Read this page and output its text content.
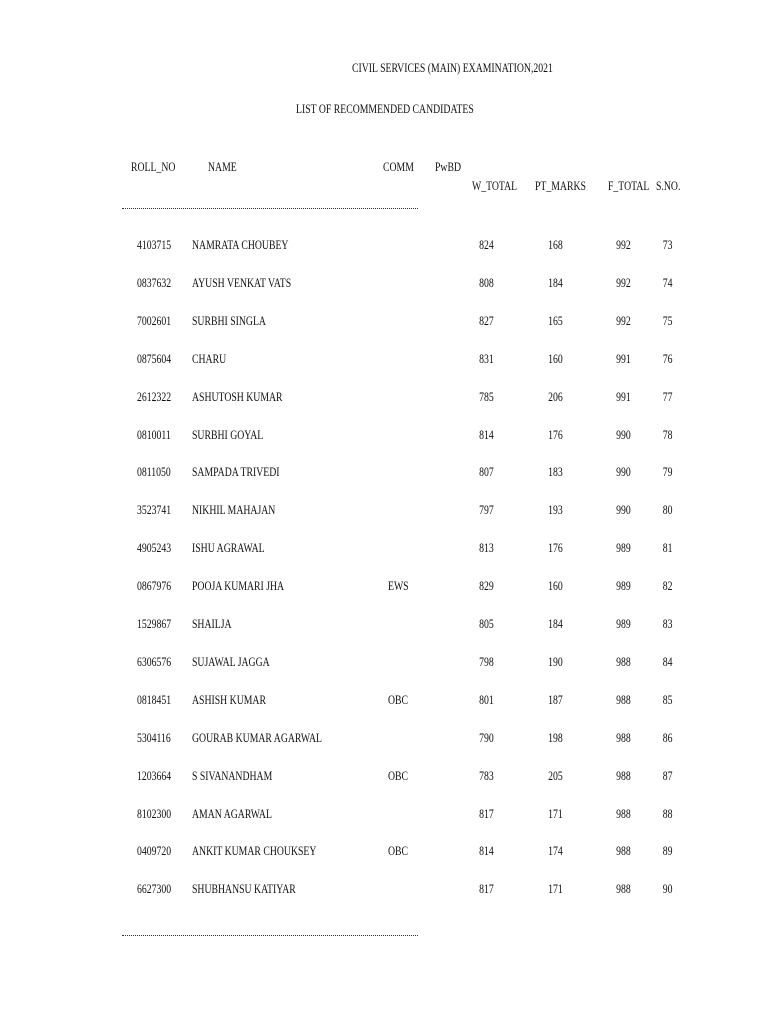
CIVIL SERVICES (MAIN) EXAMINATION,2021
LIST OF RECOMMENDED CANDIDATES
ROLL_NO	NAME	COMM PwBD
W_TOTAL PT_MARKS F_TOTAL S.NO.
4103715 NAMRATA CHOUBEY	824	168	992	73
0837632 AYUSH VENKAT VATS	808	184	992	74
7002601 SURBHI SINGLA	827	165	992	75
0875604 CHARU	831	160	991	76
2612322 ASHUTOSH KUMAR	785	206	991	77
0810011 SURBHI GOYAL	814	176	990	78
0811050 SAMPADA TRIVEDI	807	183	990	79
3523741 NIKHIL MAHAJAN	797	193	990	80
4905243 ISHU AGRAWAL	813	176	989	81
0867976 POOJA KUMARI JHA	EWS	829	160	989	82
1529867 SHAILJA	805	184	989	83
6306576 SUJAWAL JAGGA	798	190	988	84
0818451 ASHISH KUMAR	OBC	801	187	988	85
5304116 GOURAB KUMAR AGARWAL	790	198	988	86
1203664 S SIVANANDHAM	OBC	783	205	988	87
8102300 AMAN AGARWAL	817	171	988	88
0409720 ANKIT KUMAR CHOUKSEY	OBC	814	174	988	89
6627300 SHUBHANSU KATIYAR	817	171	988	90
